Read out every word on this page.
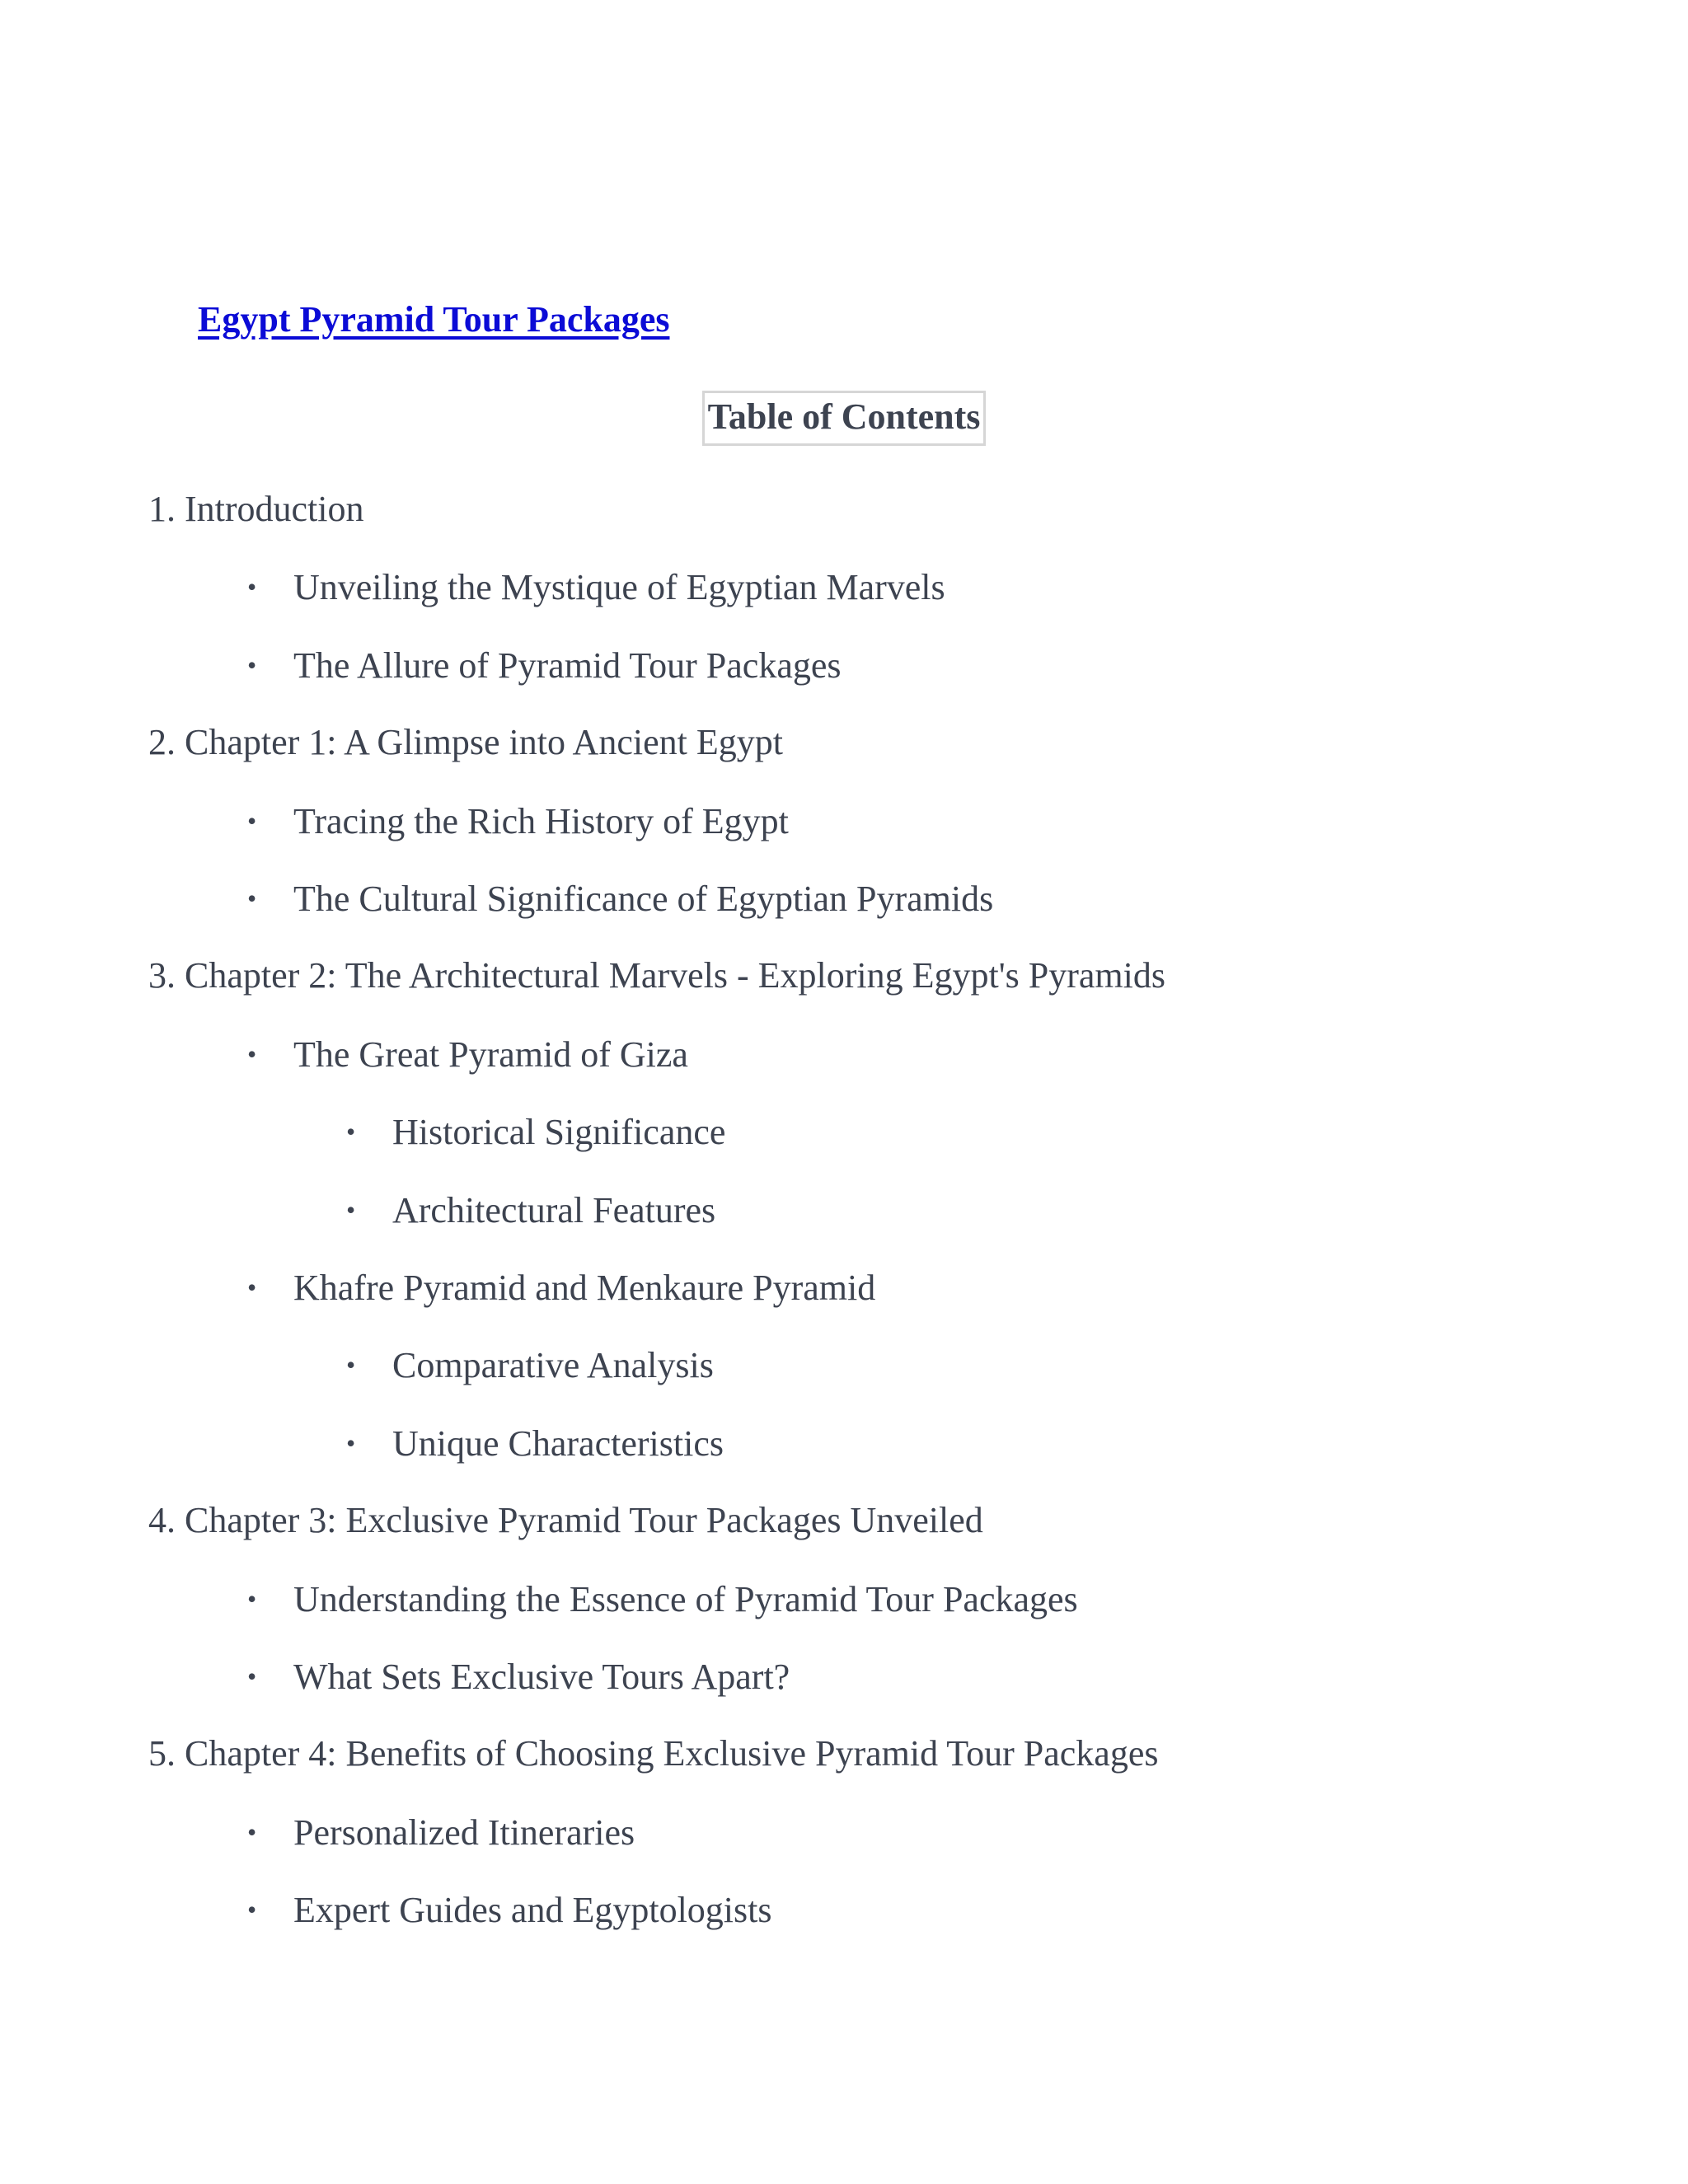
Egypt Pyramid Tour Packages
Table of Contents
1. Introduction
• Unveiling the Mystique of Egyptian Marvels
• The Allure of Pyramid Tour Packages
2. Chapter 1: A Glimpse into Ancient Egypt
• Tracing the Rich History of Egypt
• The Cultural Significance of Egyptian Pyramids
3. Chapter 2: The Architectural Marvels - Exploring Egypt's Pyramids
• The Great Pyramid of Giza
• Historical Significance
• Architectural Features
• Khafre Pyramid and Menkaure Pyramid
• Comparative Analysis
• Unique Characteristics
4. Chapter 3: Exclusive Pyramid Tour Packages Unveiled
• Understanding the Essence of Pyramid Tour Packages
• What Sets Exclusive Tours Apart?
5. Chapter 4: Benefits of Choosing Exclusive Pyramid Tour Packages
• Personalized Itineraries
• Expert Guides and Egyptologists
